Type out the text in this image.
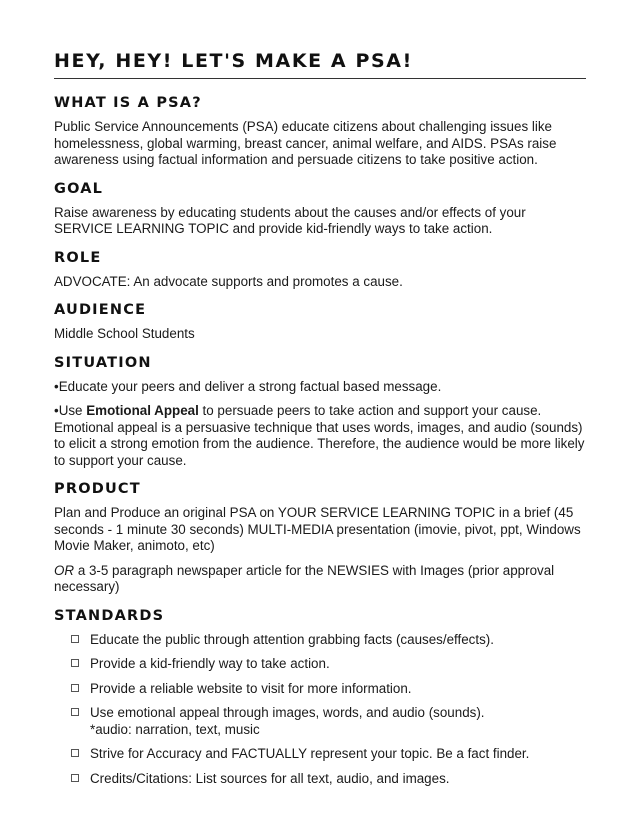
HEY, HEY! LET'S MAKE A PSA!
WHAT IS A PSA?

Public Service Announcements (PSA) educate citizens about challenging issues like homelessness, global warming, breast cancer, animal welfare, and AIDS. PSAs raise awareness using factual information and persuade citizens to take positive action.

GOAL

Raise awareness by educating students about the causes and/or effects of your SERVICE LEARNING TOPIC and provide kid-friendly ways to take action.

ROLE

ADVOCATE: An advocate supports and promotes a cause.

AUDIENCE

Middle School Students

SITUATION

•Educate your peers and deliver a strong factual based message.

•Use Emotional Appeal to persuade peers to take action and support your cause. Emotional appeal is a persuasive technique that uses words, images, and audio (sounds) to elicit a strong emotion from the audience. Therefore, the audience would be more likely to support your cause.

PRODUCT

Plan and Produce an original PSA on YOUR SERVICE LEARNING TOPIC in a brief (45 seconds - 1 minute 30 seconds) MULTI-MEDIA presentation (imovie, pivot, ppt, Windows Movie Maker, animoto, etc)

OR a 3-5 paragraph newspaper article for the NEWSIES with Images (prior approval necessary)

STANDARDS
Educate the public through attention grabbing facts (causes/effects).
Provide a kid-friendly way to take action.
Provide a reliable website to visit for more information.
Use emotional appeal through images, words, and audio (sounds).
*audio: narration, text, music
Strive for Accuracy and FACTUALLY represent your topic. Be a fact finder.
Credits/Citations: List sources for all text, audio, and images.
